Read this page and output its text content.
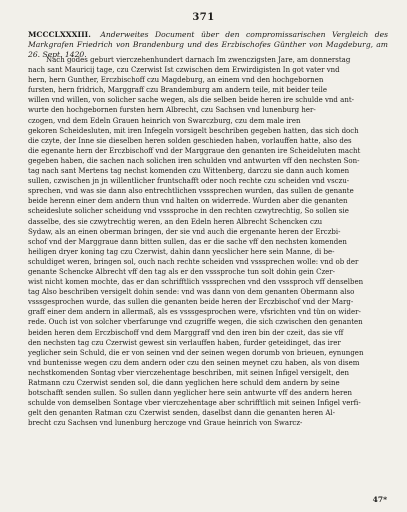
371
MCCCLXXXIII. Anderweites Document über den compromissarischen Vergleich des Markgrafen Friedrich von Brandenburg und des Erzbischofes Günther von Magdeburg, am 26. Sept. 1420.
Nach godes geburt vierczehenhundert darnach Im zwenczigsten Jare, am donnerstag
nach sant Mauricij tage, czu Czerwist Ist czwischen dem Erwirdigisten In got vater vnd
hern, hern Gunther, Erczbischoff czu Magdeburg, an einem vnd den hochgebornen
fursten, hern fridrich, Marggraff czu Brandemburg am andern teile, mit beider teile
willen vnd willen, von solicher sache wegen, als die selben beide heren ire schulde vnd ant-
wurte den hochgebornen fursten hern Albrecht, czu Sachsen vnd lunenburg her-
czogen, vnd dem Edeln Grauen heinrich von Swarczburg, czu dem male iren
gekoren Scheidesluten, mit iren Infegeln vorsigelt beschriben gegeben hatten, das sich doch
die czyte, der Inne sie dieselben heren solden geschieden haben, vorlauffen hatte, also des
die egenante hern der Erczbischoff vnd der Marggraue den genanten ire Scheideluten macht
gegeben haben, die sachen nach solichen iren schulden vnd antwurten vff den nechsten Son-
tag nach sant Mertens tag nechst komenden czu Wittenberg, darczu sie dann auch komen
sullen, czwischen jn jn willentlicher fruntschafft oder noch rechte czu scheiden vnd vsczu-
sprechen, vnd was sie dann also entrechtlichen vsssprechen wurden, das sullen de genante
beide herenn einer dem andern thun vnd halten on widerrede. Wurden aber die genanten
scheideslute solicher scheidung vnd vsssproche in den rechten czwytrechtig, So sollen sie
dasselbe, des sie czwytrechtig weren, an den Edeln heren Albrecht Schencken czu
Sydaw, als an einen oberman bringen, der sie vnd auch die ergenante heren der Erczbi-
schof vnd der Marggraue dann bitten sullen, das er die sache vff den nechsten komenden
heiligen dryer koning tag czu Czerwist, dahin dann yecslicher here sein Manne, di be-
schuldiget weren, bringen sol, ouch nach rechte scheiden vnd vsssprechen wolle: vnd ob der
genante Schencke Albrecht vff den tag als er den vsssproche tun solt dohin gein Czer-
wist nicht komen mochte, das er dan schrifftlich vsssprechen vnd den vsssproch vff denselben
tag Also beschriben versigelt dohin sende: vnd was dann von dem genanten Obermann also
vsssgesprochen wurde, das sullen die genanten beide heren der Erczbischof vnd der Marg-
graff einer dem andern in allermaß, als es vsssgesprochen were, vfsrichten vnd tün on wider-
rede. Ouch ist von solcher vberfarunge vnd czugriffe wegen, die sich czwischen den genanten
beiden heren dem Erczbischoff vnd dem Marggraff vnd den iren bin der czeit, das sie vff
den nechsten tag czu Czerwist gewest sin verlauffen haben, furder geteidinget, das irer
yeglicher sein Schuld, die er von seinen vnd der seinen wegen dorumb von brieuen, eynungen
vnd buntenisse wegen czu dem andern oder czu den seinen meynet czu haben, als von disem
nechstkomenden Sontag vber vierczehentage beschriben, mit seinen Infigel versigelt, den
Ratmann czu Czerwist senden sol, die dann yeglichen here schuld dem andern by seine
botschafft senden sullen. So sullen dann yeglicher here sein antwurte vff des andern heren
schulde von demselben Sontage vber vierczehentage aber schrifftlich mit seinen Infigel verfi-
gelt den genanten Ratman czu Czerwist senden, daselbst dann die genanten heren Al-
brecht czu Sachsen vnd lunenburg herczoge vnd Graue heinrich von Swarcz-
47*
